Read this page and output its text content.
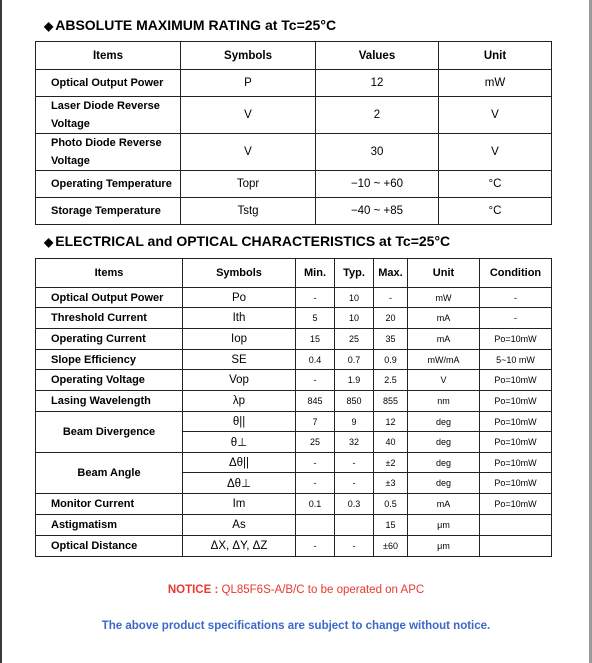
◆ ABSOLUTE MAXIMUM RATING at Tc=25°C
Items	Symbols	Values	Unit
Optical Output Power	P	12	mW
Laser Diode Reverse Voltage	V	2	V
Photo Diode Reverse Voltage	V	30	V
Operating Temperature	Topr	−10 ~ +60	°C
Storage Temperature	Tstg	−40 ~ +85	°C
◆ ELECTRICAL and OPTICAL CHARACTERISTICS at Tc=25°C
Items	Symbols	Min.	Typ.	Max.	Unit	Condition
Optical Output Power	Po	-	10	-	mW	-
Threshold Current	Ith	5	10	20	mA	-
Operating Current	Iop	15	25	35	mA	Po=10mW
Slope Efficiency	SE	0.4	0.7	0.9	mW/mA	5~10 mW
Operating Voltage	Vop	-	1.9	2.5	V	Po=10mW
Lasing Wavelength	λp	845	850	855	nm	Po=10mW
Beam Divergence	θ||	7	9	12	deg	Po=10mW
	θ⊥	25	32	40	deg	Po=10mW
Beam Angle	Δθ||	-	-	±2	deg	Po=10mW
	Δθ⊥	-	-	±3	deg	Po=10mW
Monitor Current	Im	0.1	0.3	0.5	mA	Po=10mW
Astigmatism	As			15	μm	
Optical Distance	ΔX, ΔY, ΔZ	-	-	±60	μm	
NOTICE : QL85F6S-A/B/C to be operated on APC
The above product specifications are subject to change without notice.
